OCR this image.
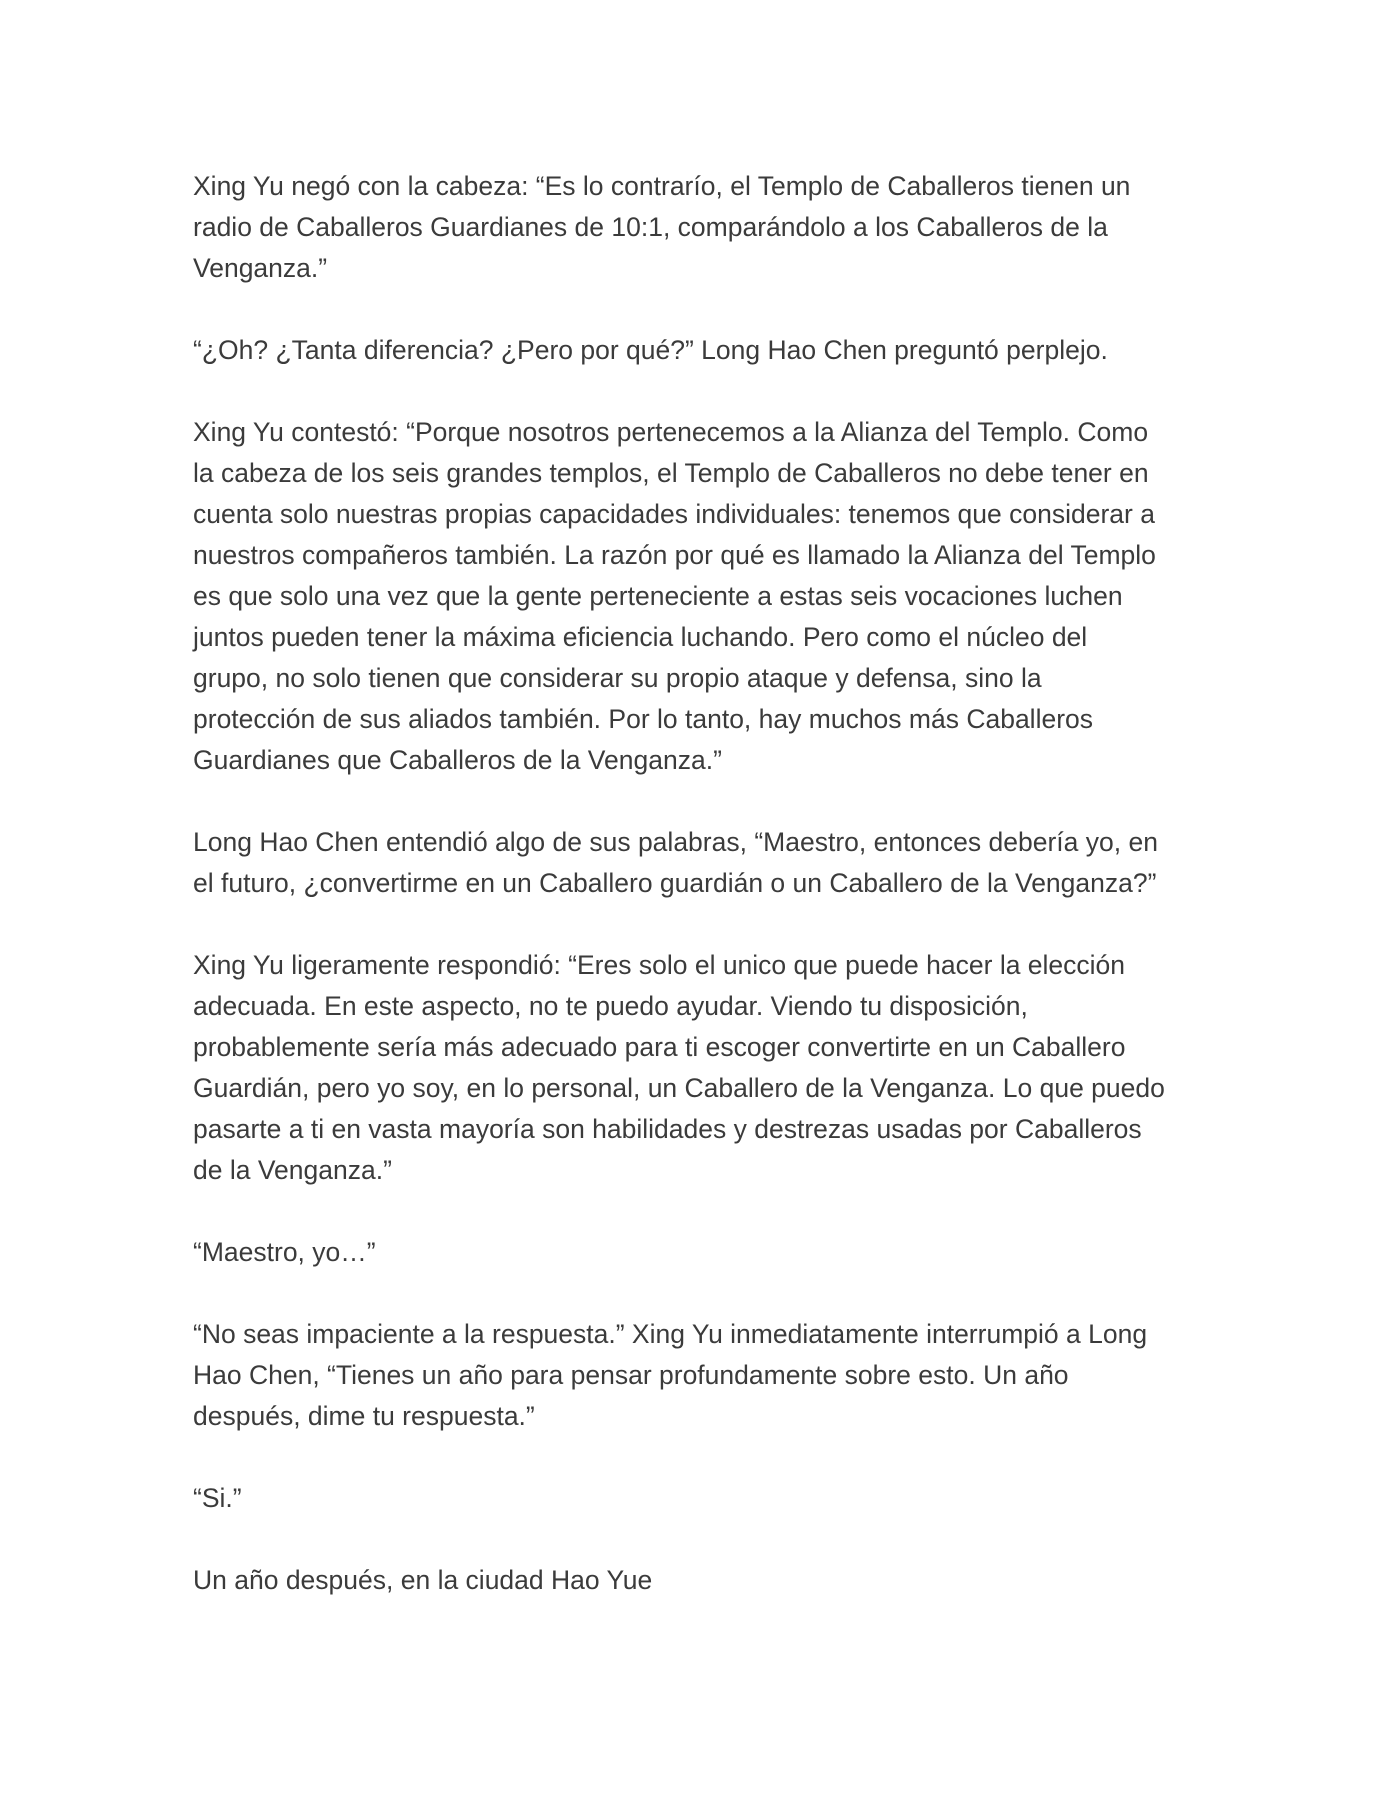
Xing Yu negó con la cabeza: “Es lo contrarío, el Templo de Caballeros tienen un
radio de Caballeros Guardianes de 10:1, comparándolo a los Caballeros de la
Venganza.”

“¿Oh? ¿Tanta diferencia? ¿Pero por qué?” Long Hao Chen preguntó perplejo.

Xing Yu contestó: “Porque nosotros pertenecemos a la Alianza del Templo. Como
la cabeza de los seis grandes templos, el Templo de Caballeros no debe tener en
cuenta solo nuestras propias capacidades individuales: tenemos que considerar a
nuestros compañeros también. La razón por qué es llamado la Alianza del Templo
es que solo una vez que la gente perteneciente a estas seis vocaciones luchen
juntos pueden tener la máxima eficiencia luchando. Pero como el núcleo del
grupo, no solo tienen que considerar su propio ataque y defensa, sino la
protección de sus aliados también. Por lo tanto, hay muchos más Caballeros
Guardianes que Caballeros de la Venganza.”

Long Hao Chen entendió algo de sus palabras, “Maestro, entonces debería yo, en
el futuro, ¿convertirme en un Caballero guardián o un Caballero de la Venganza?”

Xing Yu ligeramente respondió: “Eres solo el unico que puede hacer la elección
adecuada. En este aspecto, no te puedo ayudar. Viendo tu disposición,
probablemente sería más adecuado para ti escoger convertirte en un Caballero
Guardián, pero yo soy, en lo personal, un Caballero de la Venganza. Lo que puedo
pasarte a ti en vasta mayoría son habilidades y destrezas usadas por Caballeros
de la Venganza.”

“Maestro, yo…”

“No seas impaciente a la respuesta.” Xing Yu inmediatamente interrumpió a Long
Hao Chen, “Tienes un año para pensar profundamente sobre esto. Un año
después, dime tu respuesta.”

“Si.”

Un año después, en la ciudad Hao Yue
